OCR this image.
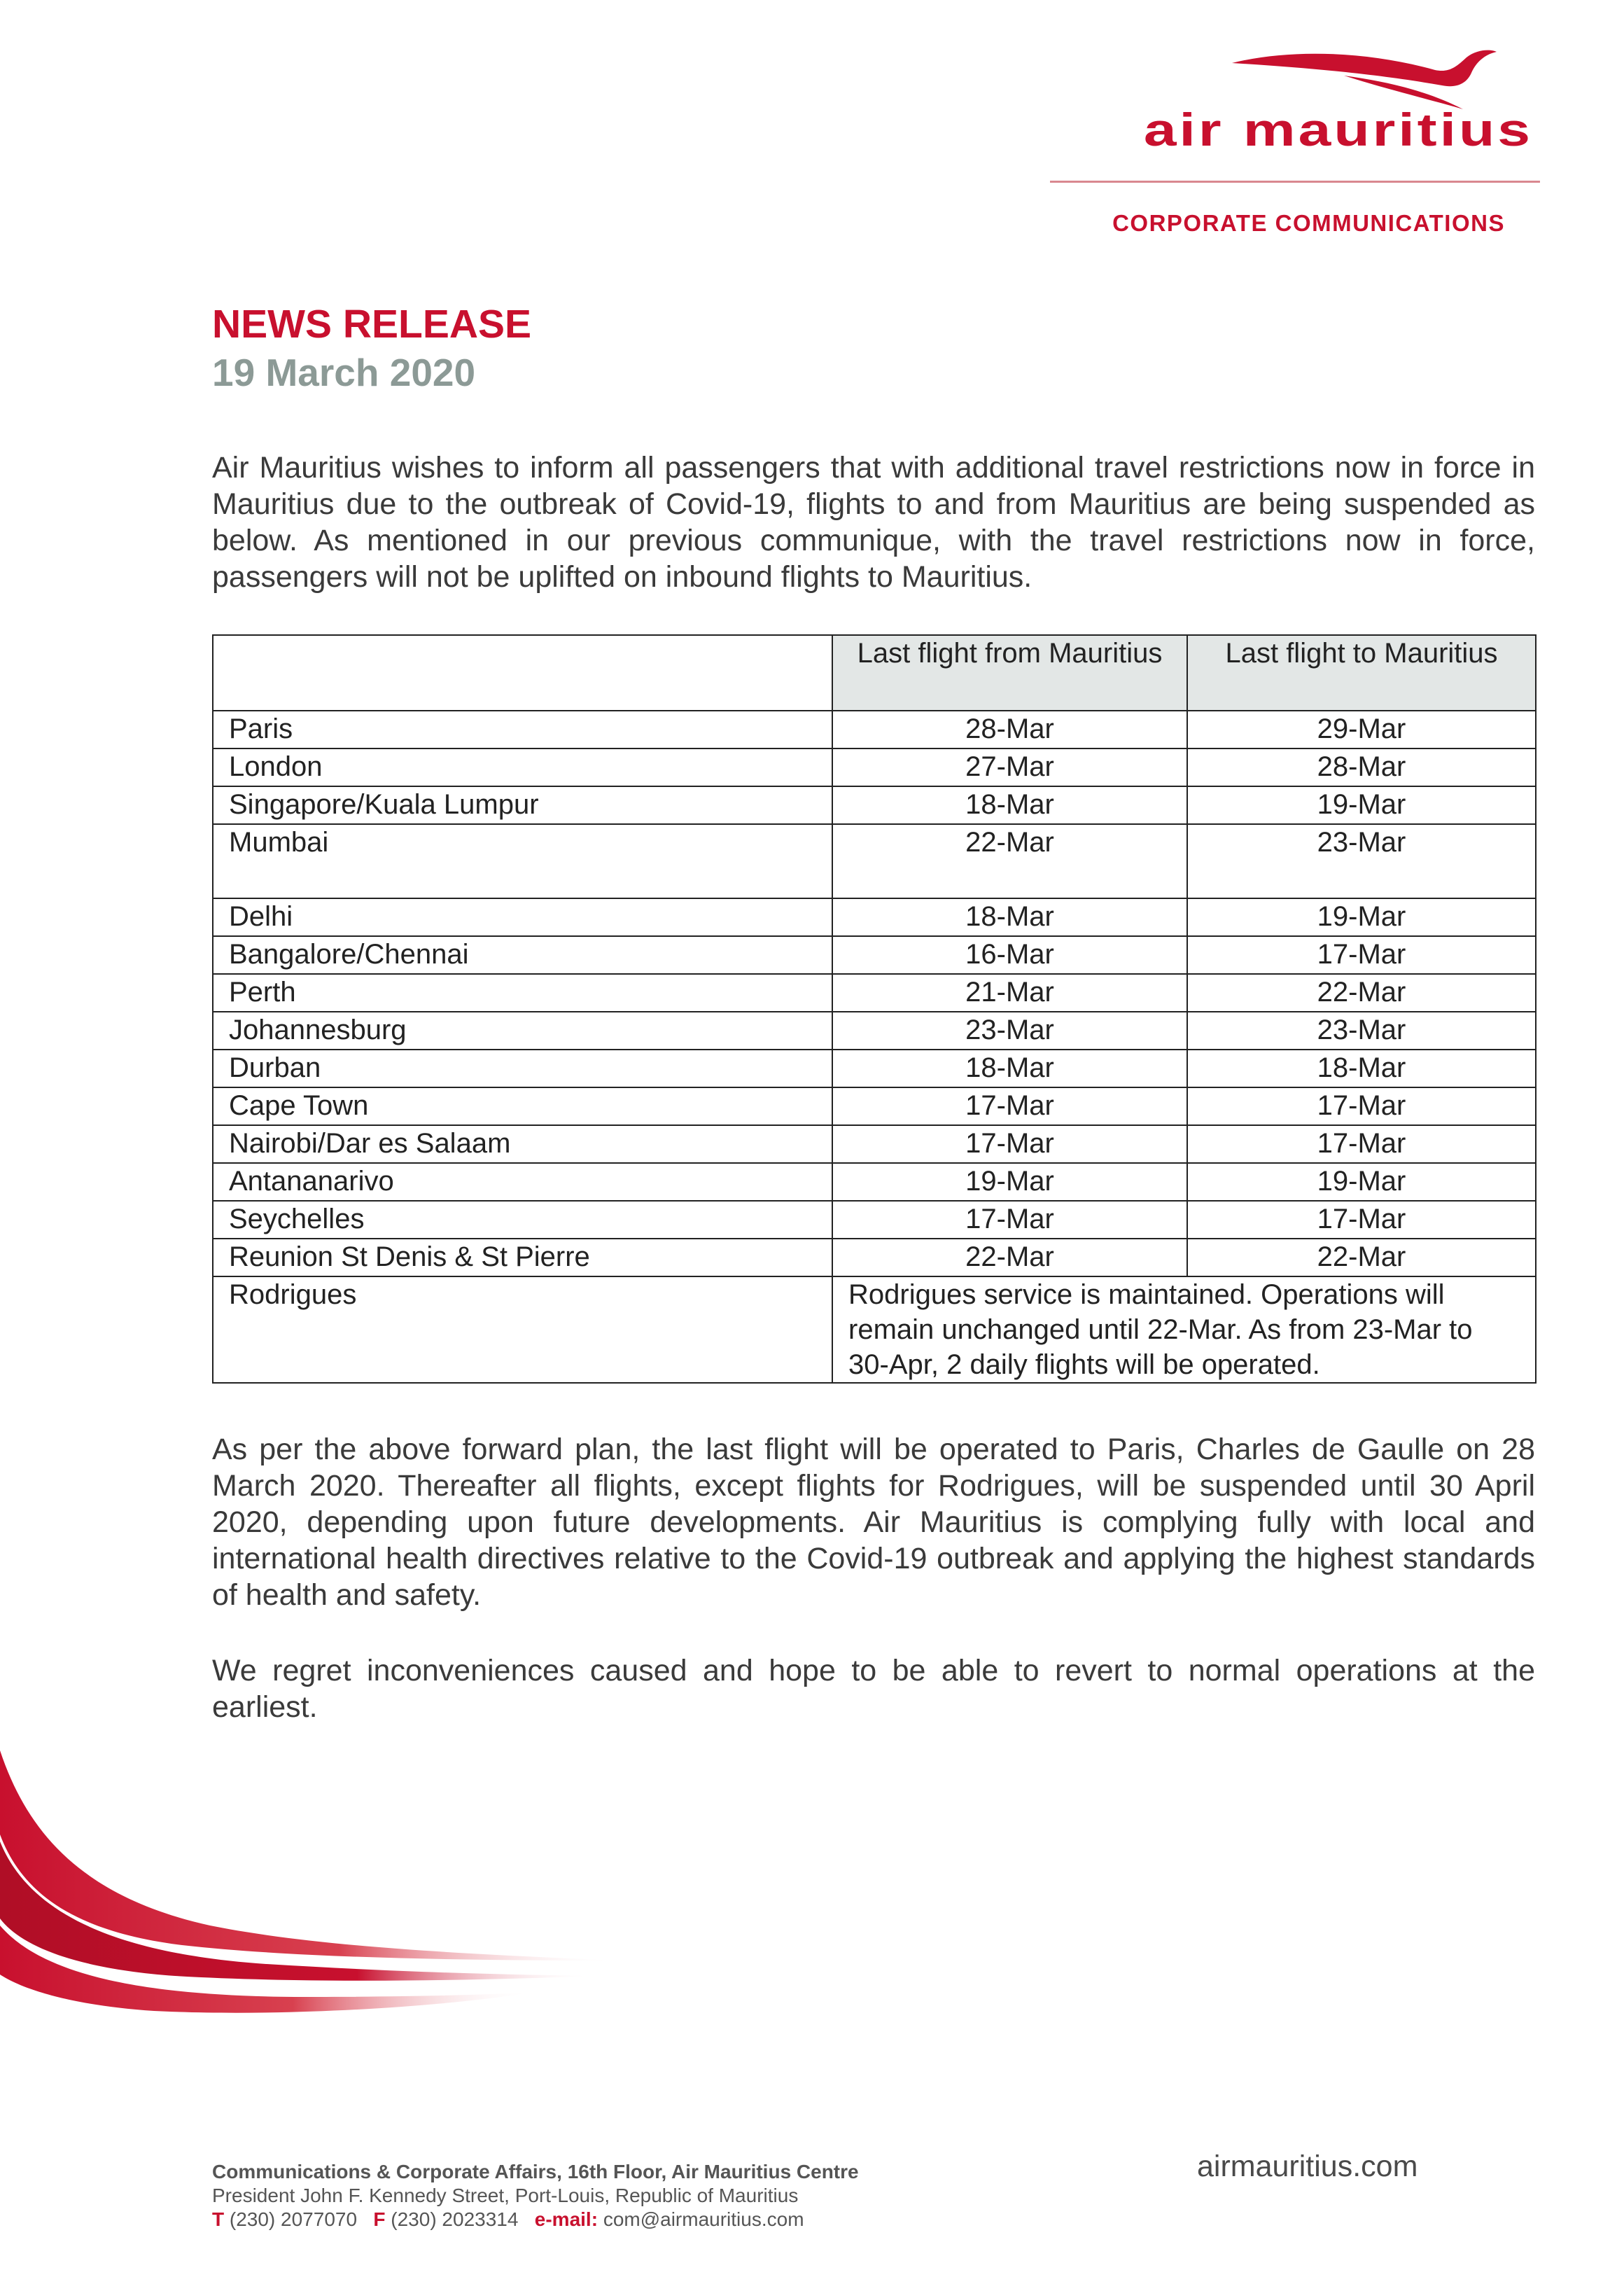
air mauritius
CORPORATE COMMUNICATIONS
NEWS RELEASE
19 March 2020
Air Mauritius wishes to inform all passengers that with additional travel restrictions now in force in Mauritius due to the outbreak of Covid-19, flights to and from Mauritius are being suspended as below. As mentioned in our previous communique, with the travel restrictions now in force, passengers will not be uplifted on inbound flights to Mauritius.
	Last flight from Mauritius	Last flight to Mauritius
Paris	28-Mar	29-Mar
London	27-Mar	28-Mar
Singapore/Kuala Lumpur	18-Mar	19-Mar
Mumbai	22-Mar	23-Mar
Delhi	18-Mar	19-Mar
Bangalore/Chennai	16-Mar	17-Mar
Perth	21-Mar	22-Mar
Johannesburg	23-Mar	23-Mar
Durban	18-Mar	18-Mar
Cape Town	17-Mar	17-Mar
Nairobi/Dar es Salaam	17-Mar	17-Mar
Antananarivo	19-Mar	19-Mar
Seychelles	17-Mar	17-Mar
Reunion St Denis & St Pierre	22-Mar	22-Mar
Rodrigues	Rodrigues service is maintained. Operations will remain unchanged until 22-Mar. As from 23-Mar to 30-Apr, 2 daily flights will be operated.	
As per the above forward plan, the last flight will be operated to Paris, Charles de Gaulle on 28 March 2020. Thereafter all flights, except flights for Rodrigues, will be suspended until 30 April 2020, depending upon future developments. Air Mauritius is complying fully with local and international health directives relative to the Covid-19 outbreak and applying the highest standards of health and safety.
We regret inconveniences caused and hope to be able to revert to normal operations at the earliest.
Communications & Corporate Affairs, 16th Floor, Air Mauritius Centre
President John F. Kennedy Street, Port-Louis, Republic of Mauritius
T (230) 2077070 F (230) 2023314 e-mail: com@airmauritius.com
airmauritius.com
